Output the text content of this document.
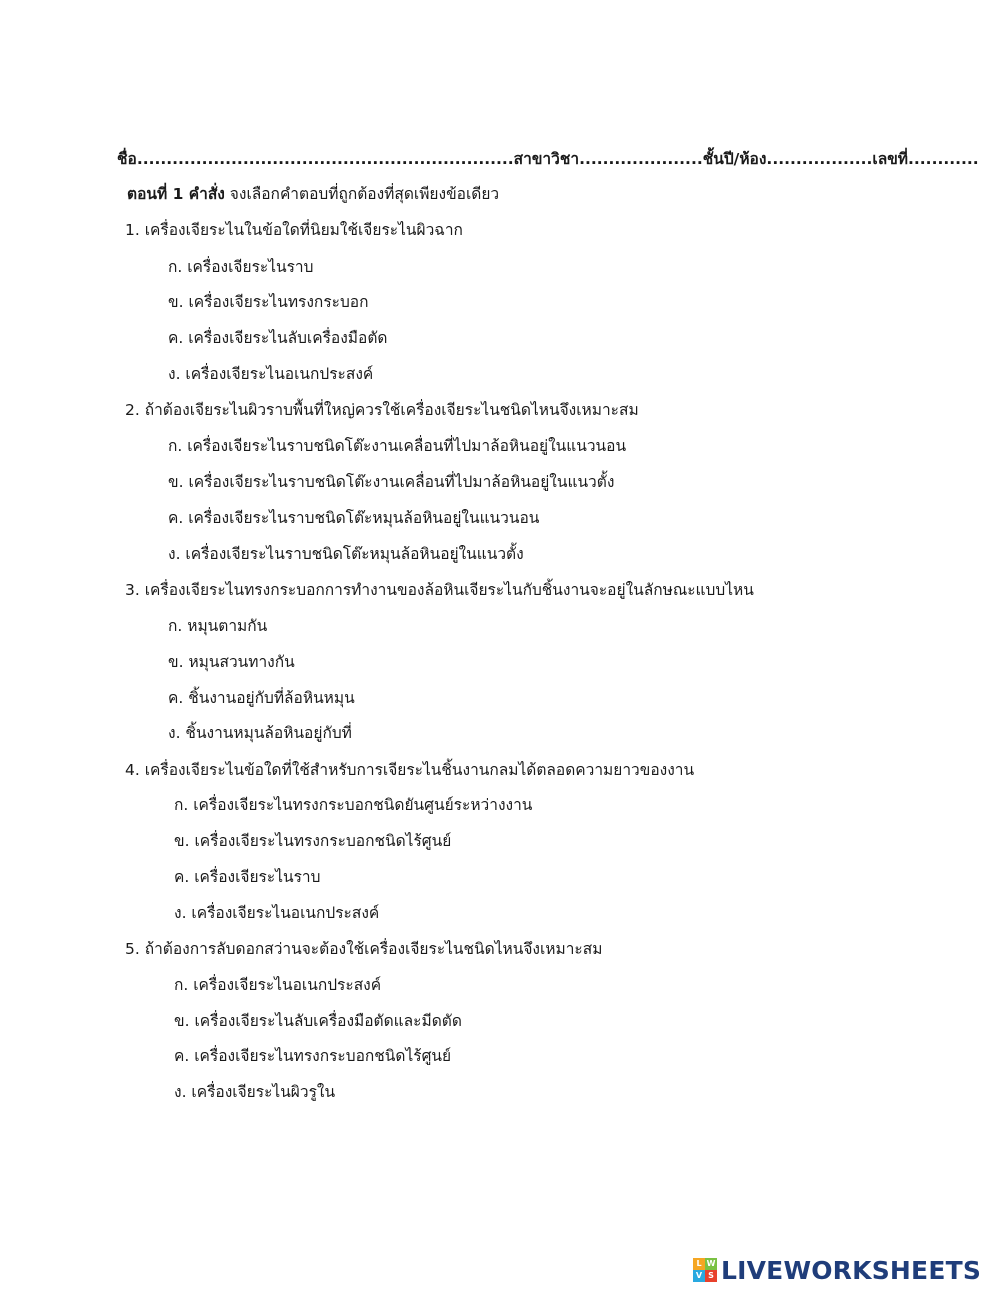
ชื่อ................................................................สาขาวิชา.....................ชั้นปี/ห้อง..................เลขที่............
ตอนที่ 1 คำสั่ง จงเลือกคำตอบที่ถูกต้องที่สุดเพียงข้อเดียว
1. เครื่องเจียระไนในข้อใดที่นิยมใช้เจียระไนผิวฉาก
ก. เครื่องเจียระไนราบ
ข. เครื่องเจียระไนทรงกระบอก
ค. เครื่องเจียระไนลับเครื่องมือตัด
ง. เครื่องเจียระไนอเนกประสงค์
2. ถ้าต้องเจียระไนผิวราบพื้นที่ใหญ่ควรใช้เครื่องเจียระไนชนิดไหนจึงเหมาะสม
ก. เครื่องเจียระไนราบชนิดโต๊ะงานเคลื่อนที่ไปมาล้อหินอยู่ในแนวนอน
ข. เครื่องเจียระไนราบชนิดโต๊ะงานเคลื่อนที่ไปมาล้อหินอยู่ในแนวตั้ง
ค. เครื่องเจียระไนราบชนิดโต๊ะหมุนล้อหินอยู่ในแนวนอน
ง. เครื่องเจียระไนราบชนิดโต๊ะหมุนล้อหินอยู่ในแนวตั้ง
3. เครื่องเจียระไนทรงกระบอกการทำงานของล้อหินเจียระไนกับชิ้นงานจะอยู่ในลักษณะแบบไหน
ก. หมุนตามกัน
ข. หมุนสวนทางกัน
ค. ชิ้นงานอยู่กับที่ล้อหินหมุน
ง. ชิ้นงานหมุนล้อหินอยู่กับที่
4. เครื่องเจียระไนข้อใดที่ใช้สำหรับการเจียระไนชิ้นงานกลมได้ตลอดความยาวของงาน
ก. เครื่องเจียระไนทรงกระบอกชนิดยันศูนย์ระหว่างงาน
ข. เครื่องเจียระไนทรงกระบอกชนิดไร้ศูนย์
ค. เครื่องเจียระไนราบ
ง. เครื่องเจียระไนอเนกประสงค์
5. ถ้าต้องการลับดอกสว่านจะต้องใช้เครื่องเจียระไนชนิดไหนจึงเหมาะสม
ก. เครื่องเจียระไนอเนกประสงค์
ข. เครื่องเจียระไนลับเครื่องมือตัดและมีดตัด
ค. เครื่องเจียระไนทรงกระบอกชนิดไร้ศูนย์
ง. เครื่องเจียระไนผิวรูใน
L W
V S LIVEWORKSHEETS
